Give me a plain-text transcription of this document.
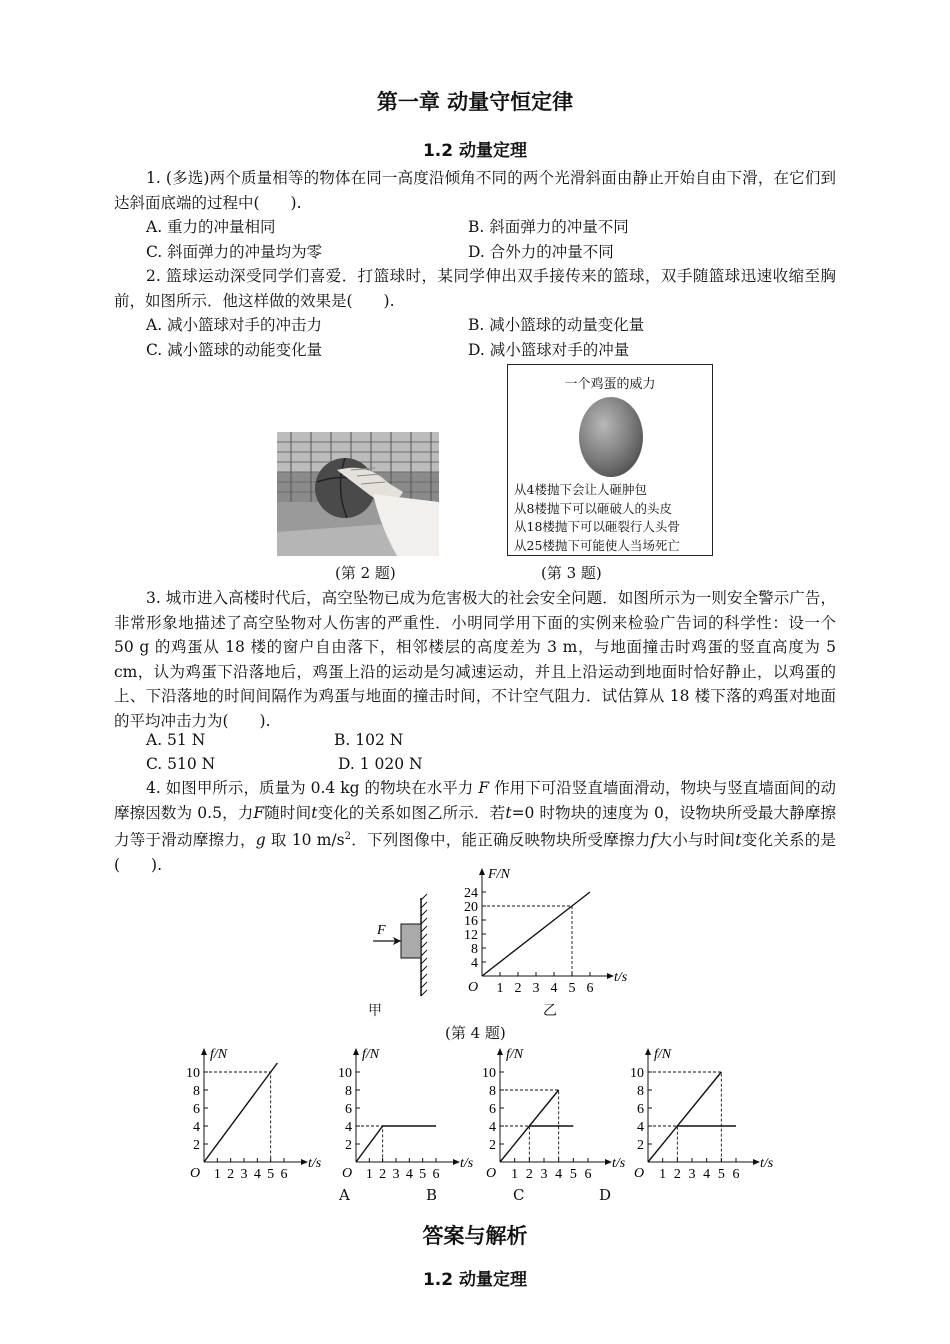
第一章 动量守恒定律
1.2 动量定理
1. (多选)两个质量相等的物体在同一高度沿倾角不同的两个光滑斜面由静止开始自由下滑，在它们到达斜面底端的过程中(　　).
A. 重力的冲量相同	B. 斜面弹力的冲量不同
C. 斜面弹力的冲量均为零	D. 合外力的冲量不同
2. 篮球运动深受同学们喜爱．打篮球时，某同学伸出双手接传来的篮球，双手随篮球迅速收缩至胸前，如图所示．他这样做的效果是(　　).
A. 减小篮球对手的冲击力	B. 减小篮球的动量变化量
C. 减小篮球的动能变化量	D. 减小篮球对手的冲量
一个鸡蛋的威力
从4楼抛下会让人砸肿包
从8楼抛下可以砸破人的头皮
从18楼抛下可以砸裂行人头骨
从25楼抛下可能使人当场死亡
(第 2 题)	(第 3 题)
3. 城市进入高楼时代后，高空坠物已成为危害极大的社会安全问题．如图所示为一则安全警示广告，非常形象地描述了高空坠物对人伤害的严重性．小明同学用下面的实例来检验广告词的科学性：设一个 50 g 的鸡蛋从 18 楼的窗户自由落下，相邻楼层的高度差为 3 m，与地面撞击时鸡蛋的竖直高度为 5 cm，认为鸡蛋下沿落地后，鸡蛋上沿的运动是匀减速运动，并且上沿运动到地面时恰好静止，以鸡蛋的上、下沿落地的时间间隔作为鸡蛋与地面的撞击时间，不计空气阻力．试估算从 18 楼下落的鸡蛋对地面的平均冲击力为(　　).
A. 51 N	B. 102 N
C. 510 N	D. 1 020 N
4. 如图甲所示，质量为 0.4 kg 的物块在水平力 F 作用下可沿竖直墙面滑动，物块与竖直墙面间的动摩擦因数为 0.5，力F随时间t变化的关系如图乙所示．若t=0 时物块的速度为 0，设物块所受最大静摩擦力等于滑动摩擦力，g 取 10 $m/s^2$．下列图像中，能正确反映物块所受摩擦力f大小与时间t变化关系的是(　　).
F
甲
F/N
t/s
O
24
20
16
12
8
4
1 2 3 4 5 6
乙
(第 4 题)
f/N
t/s
O
10
8
6
4
2
1 2 3 4 5 6
f/N
t/s
O
10
8
6
4
2
1 2 3 4 5 6
f/N
t/s
O
10
8
6
4
2
1 2 3 4 5 6
f/N
t/s
O
10
8
6
4
2
1 2 3 4 5 6
A	B	C	D
答案与解析
1.2 动量定理
